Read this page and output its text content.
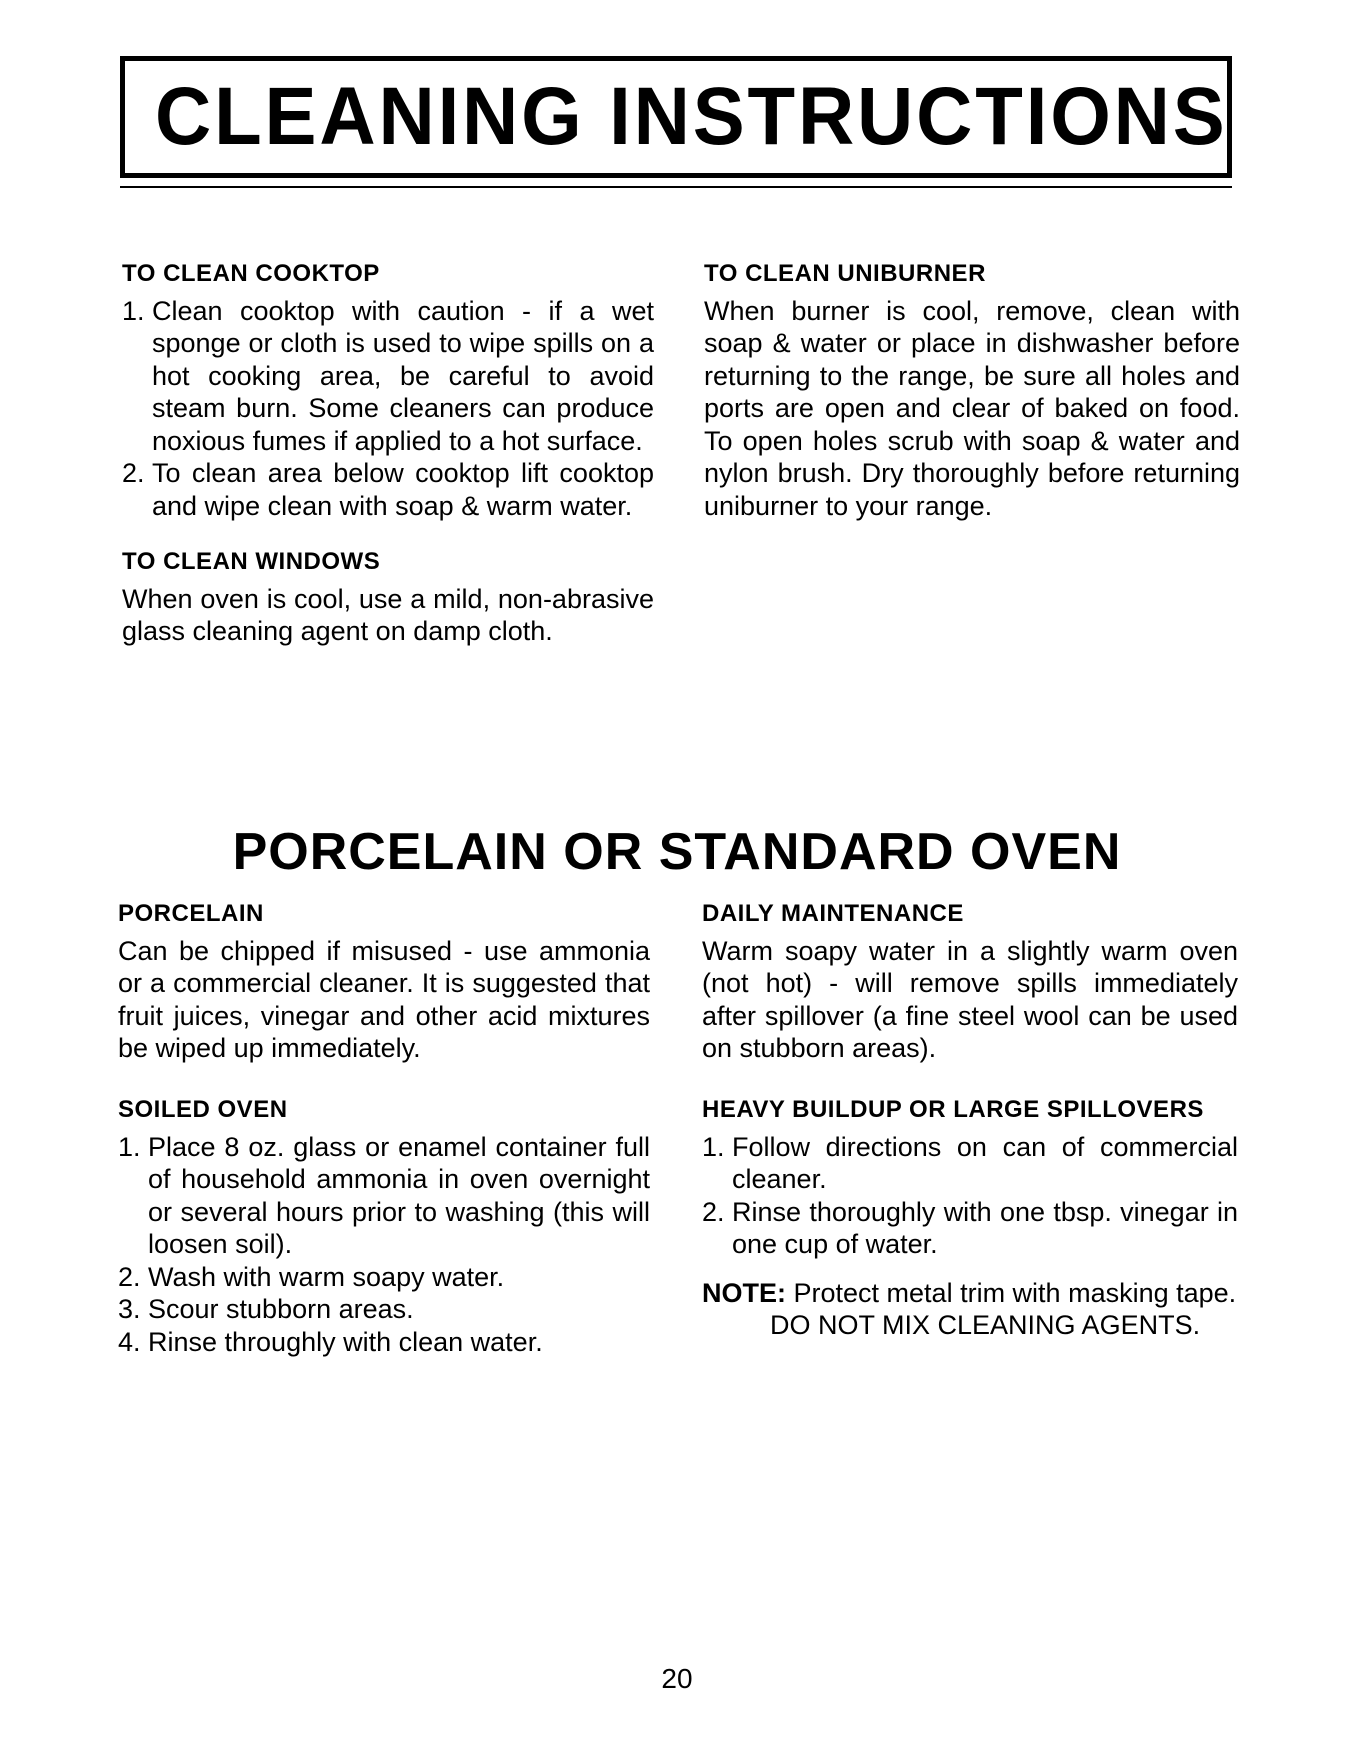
CLEANING INSTRUCTIONS
TO CLEAN COOKTOP
1. Clean cooktop with caution - if a wet sponge or cloth is used to wipe spills on a hot cooking area, be careful to avoid steam burn. Some cleaners can produce noxious fumes if applied to a hot surface.
2. To clean area below cooktop lift cooktop and wipe clean with soap & warm water.
TO CLEAN UNIBURNER

When burner is cool, remove, clean with soap & water or place in dishwasher before returning to the range, be sure all holes and ports are open and clear of baked on food. To open holes scrub with soap & water and nylon brush. Dry thoroughly before returning uniburner to your range.

TO CLEAN WINDOWS

When oven is cool, use a mild, non-abrasive glass cleaning agent on damp cloth.

PORCELAIN OR STANDARD OVEN
PORCELAIN

Can be chipped if misused - use ammonia or a commercial cleaner. It is suggested that fruit juices, vinegar and other acid mixtures be wiped up immediately.

DAILY MAINTENANCE

Warm soapy water in a slightly warm oven (not hot) - will remove spills immediately after spillover (a fine steel wool can be used on stubborn areas).

SOILED OVEN
1. Place 8 oz. glass or enamel container full of household ammonia in oven overnight or several hours prior to washing (this will loosen soil).
2. Wash with warm soapy water.
3. Scour stubborn areas.
4. Rinse throughly with clean water.
HEAVY BUILDUP OR LARGE SPILLOVERS
1. Follow directions on can of commercial cleaner.
2. Rinse thoroughly with one tbsp. vinegar in one cup of water.
NOTE: Protect metal trim with masking tape.
DO NOT MIX CLEANING AGENTS.
20
